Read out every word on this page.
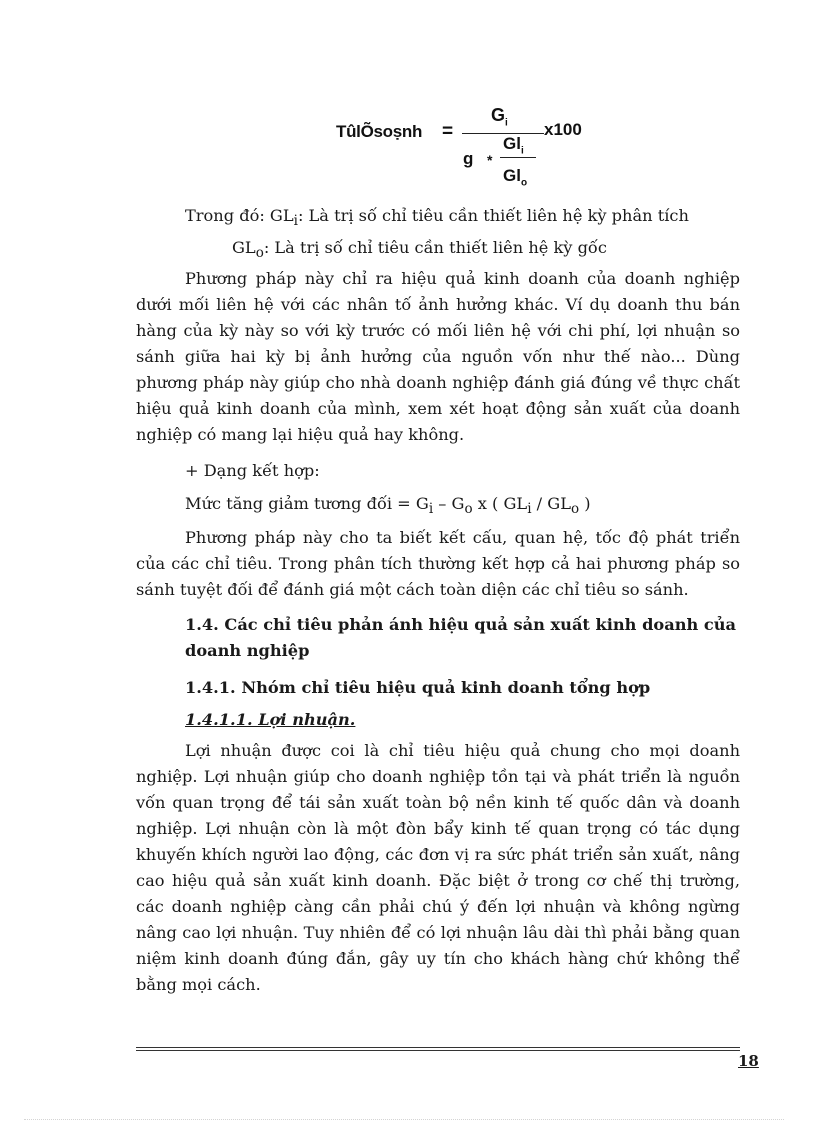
TûlÕsoṣnh =
$G_i$
g *
$Gl_i$
$Gl_o$
x100
Trong đó: $GL_i$: Là trị số chỉ tiêu cần thiết liên hệ kỳ phân tích
$GL_o$: Là trị số chỉ tiêu cần thiết liên hệ kỳ gốc

Phương pháp này chỉ ra hiệu quả kinh doanh của doanh nghiệp dưới mối liên hệ với các nhân tố ảnh hưởng khác. Ví dụ doanh thu bán hàng của kỳ này so với kỳ trước có mối liên hệ với chi phí, lợi nhuận so sánh giữa hai kỳ bị ảnh hưởng của nguồn vốn như thế nào... Dùng phương pháp này giúp cho nhà doanh nghiệp đánh giá đúng về thực chất hiệu quả kinh doanh của mình, xem xét hoạt động sản xuất của doanh nghiệp có mang lại hiệu quả hay không.

+ Dạng kết hợp:
Mức tăng giảm tương đối = $G_i - G_o$ x ( $GL_i / GL_o$ )

Phương pháp này cho ta biết kết cấu, quan hệ, tốc độ phát triển của các chỉ tiêu. Trong phân tích thường kết hợp cả hai phương pháp so sánh tuyệt đối để đánh giá một cách toàn diện các chỉ tiêu so sánh.

1.4. Các chỉ tiêu phản ánh hiệu quả sản xuất kinh doanh của doanh nghiệp
1.4.1. Nhóm chỉ tiêu hiệu quả kinh doanh tổng hợp
1.4.1.1. Lợi nhuận.

Lợi nhuận được coi là chỉ tiêu hiệu quả chung cho mọi doanh nghiệp. Lợi nhuận giúp cho doanh nghiệp tồn tại và phát triển là nguồn vốn quan trọng để tái sản xuất toàn bộ nền kinh tế quốc dân và doanh nghiệp. Lợi nhuận còn là một đòn bẩy kinh tế quan trọng có tác dụng khuyến khích người lao động, các đơn vị ra sức phát triển sản xuất, nâng cao hiệu quả sản xuất kinh doanh. Đặc biệt ở trong cơ chế thị trường, các doanh nghiệp càng cần phải chú ý đến lợi nhuận và không ngừng nâng cao lợi nhuận. Tuy nhiên để có lợi nhuận lâu dài thì phải bằng quan niệm kinh doanh đúng đắn, gây uy tín cho khách hàng chứ không thể bằng mọi cách.

18
